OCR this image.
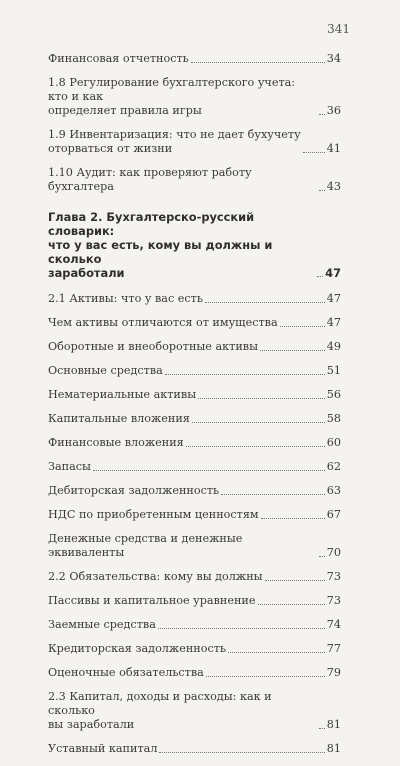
341
Финансовая отчетность	34
1.8 Регулирование бухгалтерского учета: кто и как
определяет правила игры	36
1.9 Инвентаризация: что не дает бухучету
оторваться от жизни	41
1.10 Аудит: как проверяют работу бухгалтера	43
Глава 2. Бухгалтерско-русский словарик:
что у вас есть, кому вы должны и сколько
заработали	47
2.1 Активы: что у вас есть	47
Чем активы отличаются от имущества	47
Оборотные и внеоборотные активы	49
Основные средства	51
Нематериальные активы	56
Капитальные вложения	58
Финансовые вложения	60
Запасы	62
Дебиторская задолженность	63
НДС по приобретенным ценностям	67
Денежные средства и денежные эквиваленты	70
2.2 Обязательства: кому вы должны	73
Пассивы и капитальное уравнение	73
Заемные средства	74
Кредиторская задолженность	77
Оценочные обязательства	79
2.3 Капитал, доходы и расходы: как и сколько
вы заработали	81
Уставный капитал	81
